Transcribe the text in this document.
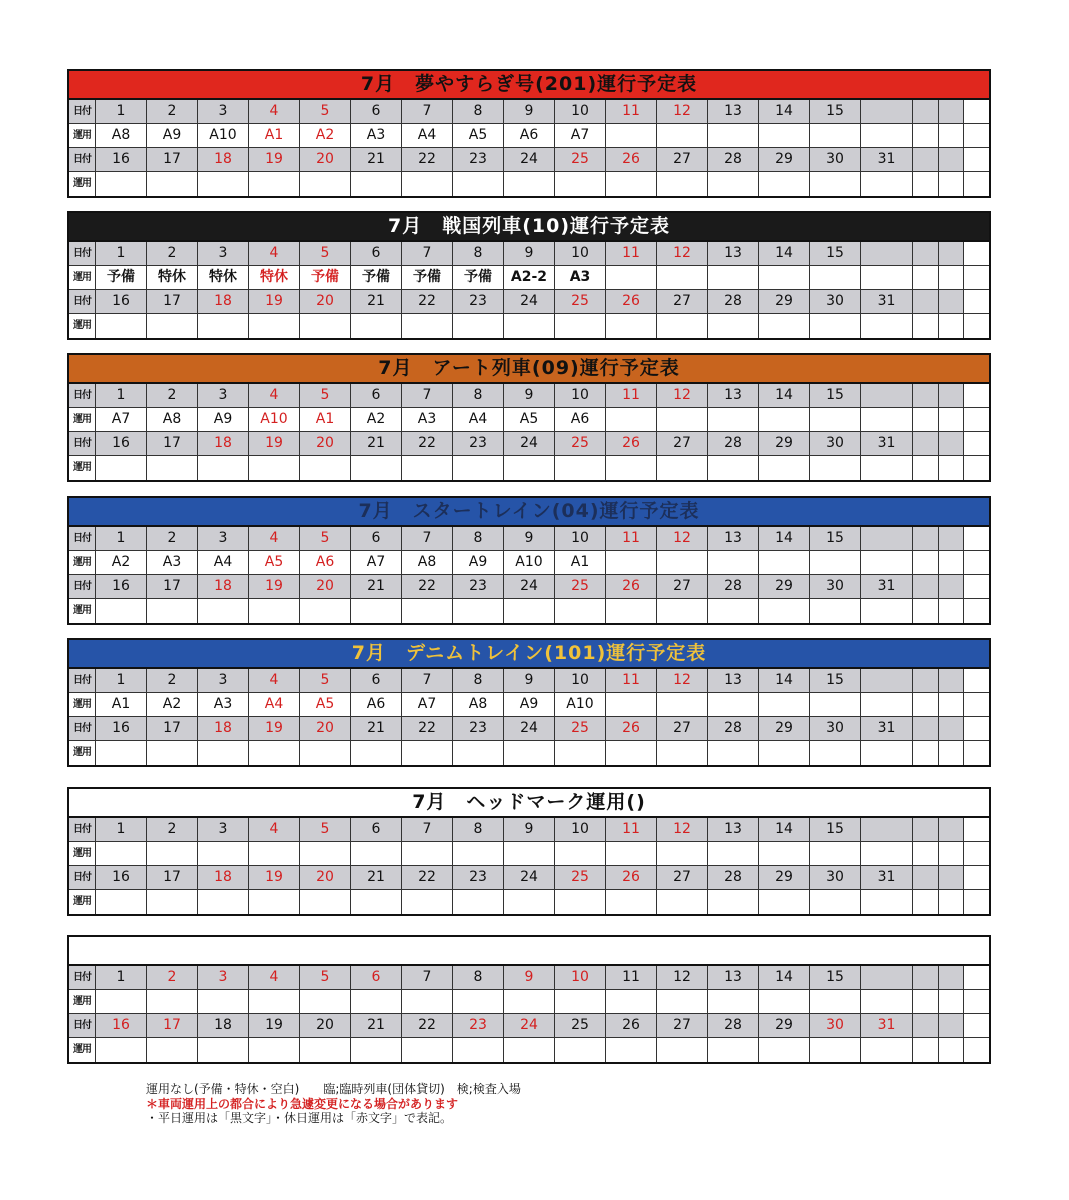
7月　夢やすらぎ号(201)運行予定表
日付	1	2	3	4	5	6	7	8	9	10	11	12	13	14	15
運用	A8	A9	A10	A1	A2	A3	A4	A5	A6	A7
日付	16	17	18	19	20	21	22	23	24	25	26	27	28	29	30	31
運用
7月　戦国列車(10)運行予定表
日付	1	2	3	4	5	6	7	8	9	10	11	12	13	14	15
運用	予備	特休	特休	特休	予備	予備	予備	予備	A2-2	A3
日付	16	17	18	19	20	21	22	23	24	25	26	27	28	29	30	31
運用
7月　アート列車(09)運行予定表
日付	1	2	3	4	5	6	7	8	9	10	11	12	13	14	15
運用	A7	A8	A9	A10	A1	A2	A3	A4	A5	A6
日付	16	17	18	19	20	21	22	23	24	25	26	27	28	29	30	31
運用
7月　スタートレイン(04)運行予定表
日付	1	2	3	4	5	6	7	8	9	10	11	12	13	14	15
運用	A2	A3	A4	A5	A6	A7	A8	A9	A10	A1
日付	16	17	18	19	20	21	22	23	24	25	26	27	28	29	30	31
運用
7月　デニムトレイン(101)運行予定表
日付	1	2	3	4	5	6	7	8	9	10	11	12	13	14	15
運用	A1	A2	A3	A4	A5	A6	A7	A8	A9	A10
日付	16	17	18	19	20	21	22	23	24	25	26	27	28	29	30	31
運用
7月　ヘッドマーク運用()
日付	1	2	3	4	5	6	7	8	9	10	11	12	13	14	15
運用
日付	16	17	18	19	20	21	22	23	24	25	26	27	28	29	30	31
運用
日付	1	2	3	4	5	6	7	8	9	10	11	12	13	14	15
運用
日付	16	17	18	19	20	21	22	23	24	25	26	27	28	29	30	31
運用
運用なし(予備・特休・空白)　　臨;臨時列車(団体貸切)　検;検査入場
＊車両運用上の都合により急遽変更になる場合があります
・平日運用は「黒文字」・休日運用は「赤文字」で表記。
